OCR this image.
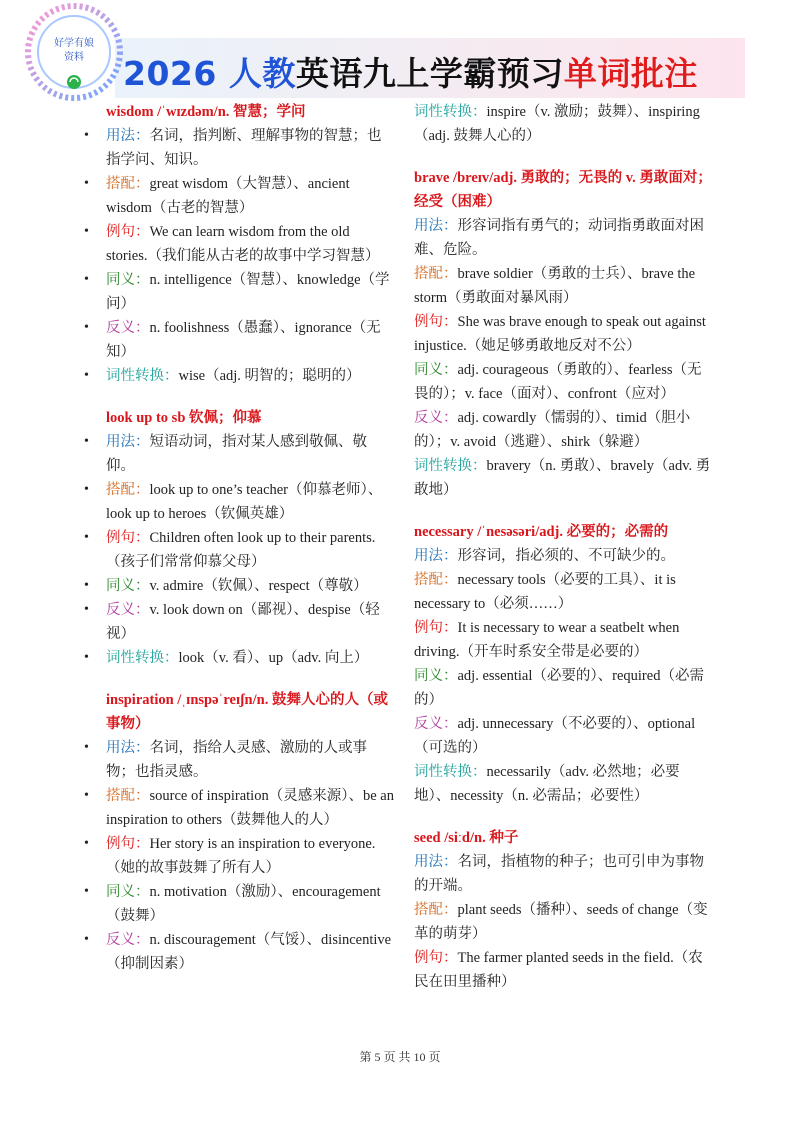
好学有娘
资料 2026 人教英语九上学霸预习单词批注
wisdom /ˈwɪzdəm/n. 智慧；学问
• 用法：名词，指判断、理解事物的智慧；也指学问、知识。
• 搭配：great wisdom（大智慧）、ancient wisdom（古老的智慧）
• 例句：We can learn wisdom from the old stories.（我们能从古老的故事中学习智慧）
• 同义：n. intelligence（智慧）、knowledge（学问）
• 反义：n. foolishness（愚蠢）、ignorance（无知）
• 词性转换：wise（adj. 明智的；聪明的）
look up to sb 钦佩；仰慕
• 用法：短语动词，指对某人感到敬佩、敬仰。
• 搭配：look up to one’s teacher（仰慕老师）、look up to heroes（钦佩英雄）
• 例句：Children often look up to their parents.（孩子们常常仰慕父母）
• 同义：v. admire（钦佩）、respect（尊敬）
• 反义：v. look down on（鄙视）、despise（轻视）
• 词性转换：look（v. 看）、up（adv. 向上）
inspiration /ˌɪnspəˈreɪʃn/n. 鼓舞人心的人（或事物）
• 用法：名词，指给人灵感、激励的人或事物；也指灵感。
• 搭配：source of inspiration（灵感来源）、be an inspiration to others（鼓舞他人的人）
• 例句：Her story is an inspiration to everyone.（她的故事鼓舞了所有人）
• 同义：n. motivation（激励）、encouragement（鼓舞）
• 反义：n. discouragement（气馁）、disincentive（抑制因素）
词性转换：inspire（v. 激励；鼓舞）、inspiring（adj. 鼓舞人心的）
brave /breɪv/adj. 勇敢的；无畏的 v. 勇敢面对；经受（困难）
用法：形容词指有勇气的；动词指勇敢面对困难、危险。
搭配：brave soldier（勇敢的士兵）、brave the storm（勇敢面对暴风雨）
例句：She was brave enough to speak out against injustice.（她足够勇敢地反对不公）
同义：adj. courageous（勇敢的）、fearless（无畏的）；v. face（面对）、confront（应对）
反义：adj. cowardly（懦弱的）、timid（胆小的）；v. avoid（逃避）、shirk（躲避）
词性转换：bravery（n. 勇敢）、bravely（adv. 勇敢地）
necessary /ˈnesəsəri/adj. 必要的；必需的
用法：形容词，指必须的、不可缺少的。
搭配：necessary tools（必要的工具）、it is necessary to（必须……）
例句：It is necessary to wear a seatbelt when driving.（开车时系安全带是必要的）
同义：adj. essential（必要的）、required（必需的）
反义：adj. unnecessary（不必要的）、optional（可选的）
词性转换：necessarily（adv. 必然地；必要地）、necessity（n. 必需品；必要性）
seed /siːd/n. 种子
用法：名词，指植物的种子；也可引申为事物的开端。
搭配：plant seeds（播种）、seeds of change（变革的萌芽）
例句：The farmer planted seeds in the field.（农民在田里播种）
第 5 页 共 10 页
